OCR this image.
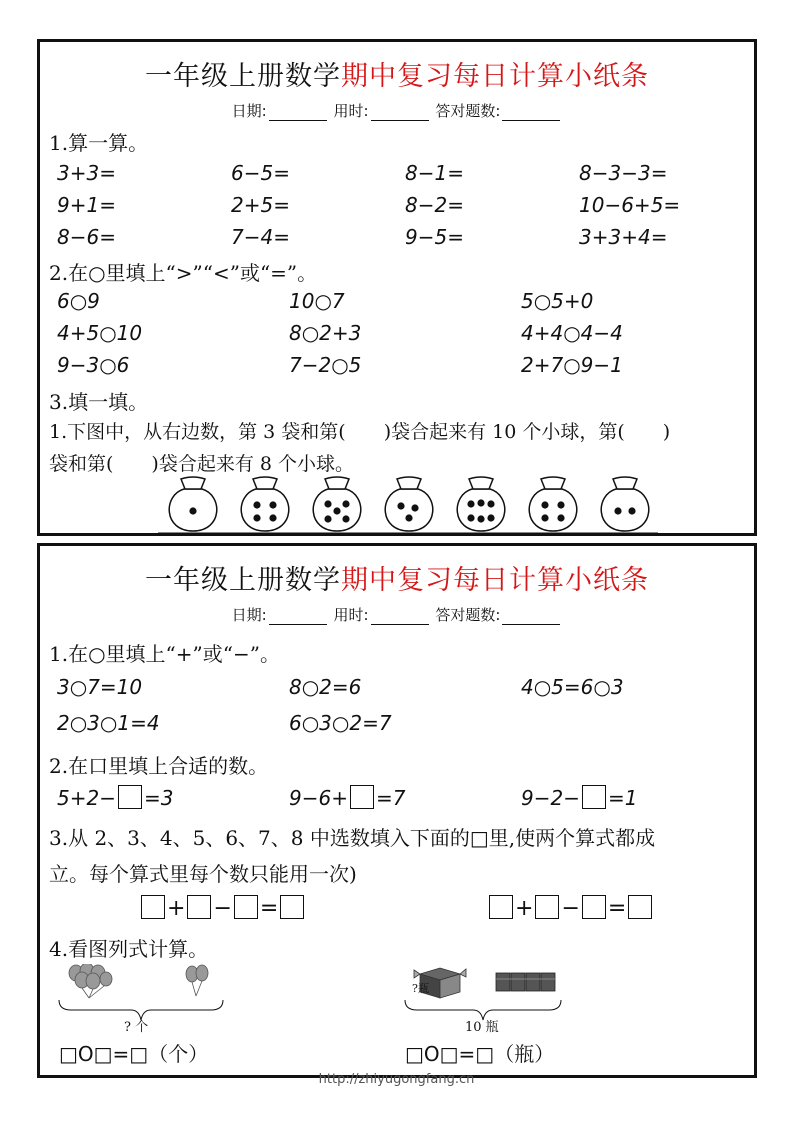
一年级上册数学期中复习每日计算小纸条
日期:	用时:	答对题数:
1.算一算。
3+3=	6−5=	8−1=	8−3−3=
9+1=	2+5=	8−2=	10−6+5=
8−6=	7−4=	9−5=	3+3+4=
2.在○里填上“>”“<”或“=”。
6○9	10○7	5○5+0
4+5○10	8○2+3	4+4○4−4
9−3○6	7−2○5	2+7○9−1
3.填一填。
1.下图中，从右边数，第 3 袋和第(　　)袋合起来有 10 个小球，第(　　)
袋和第(　　)袋合起来有 8 个小球。
一年级上册数学期中复习每日计算小纸条
日期:	用时:	答对题数:
1.在○里填上“+”或“−”。
3○7=10	8○2=6	4○5=6○3
2○3○1=4	6○3○2=7
2.在口里填上合适的数。
5+2− =3	9−6+ =7	9−2− =1
3.从 2、3、4、5、6、7、8 中选数填入下面的□里,使两个算式都成
立。每个算式里每个数只能用一次)
+ − =	+ − =
4.看图列式计算。
? 个
?瓶
10 瓶
□O□=□（个）	□O□=□（瓶）
http://zhiyugongfang.cn
